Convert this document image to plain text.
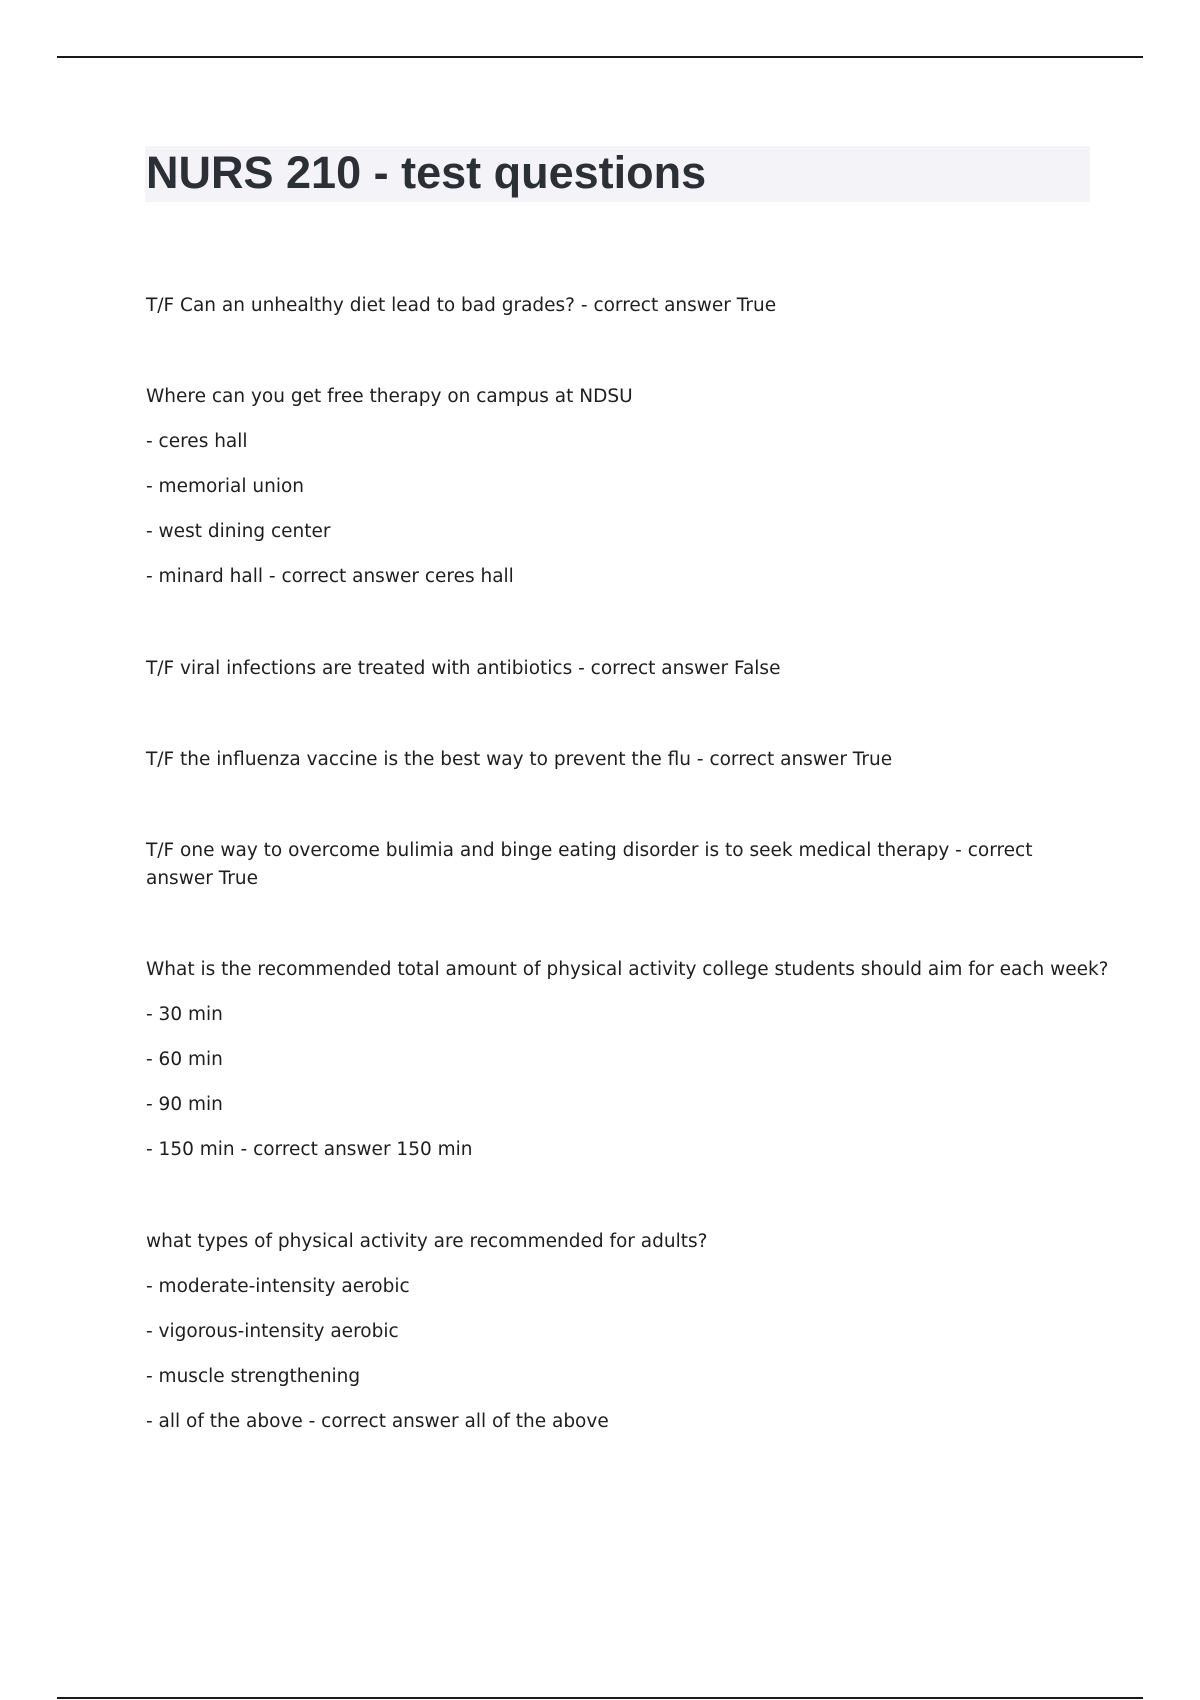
NURS 210 - test questions

T/F Can an unhealthy diet lead to bad grades? - correct answer True

Where can you get free therapy on campus at NDSU

- ceres hall

- memorial union

- west dining center

- minard hall - correct answer ceres hall

T/F viral infections are treated with antibiotics - correct answer False

T/F the influenza vaccine is the best way to prevent the flu - correct answer True

T/F one way to overcome bulimia and binge eating disorder is to seek medical therapy - correct answer True

What is the recommended total amount of physical activity college students should aim for each week?

- 30 min

- 60 min

- 90 min

- 150 min - correct answer 150 min

what types of physical activity are recommended for adults?

- moderate-intensity aerobic

- vigorous-intensity aerobic

- muscle strengthening

- all of the above - correct answer all of the above
